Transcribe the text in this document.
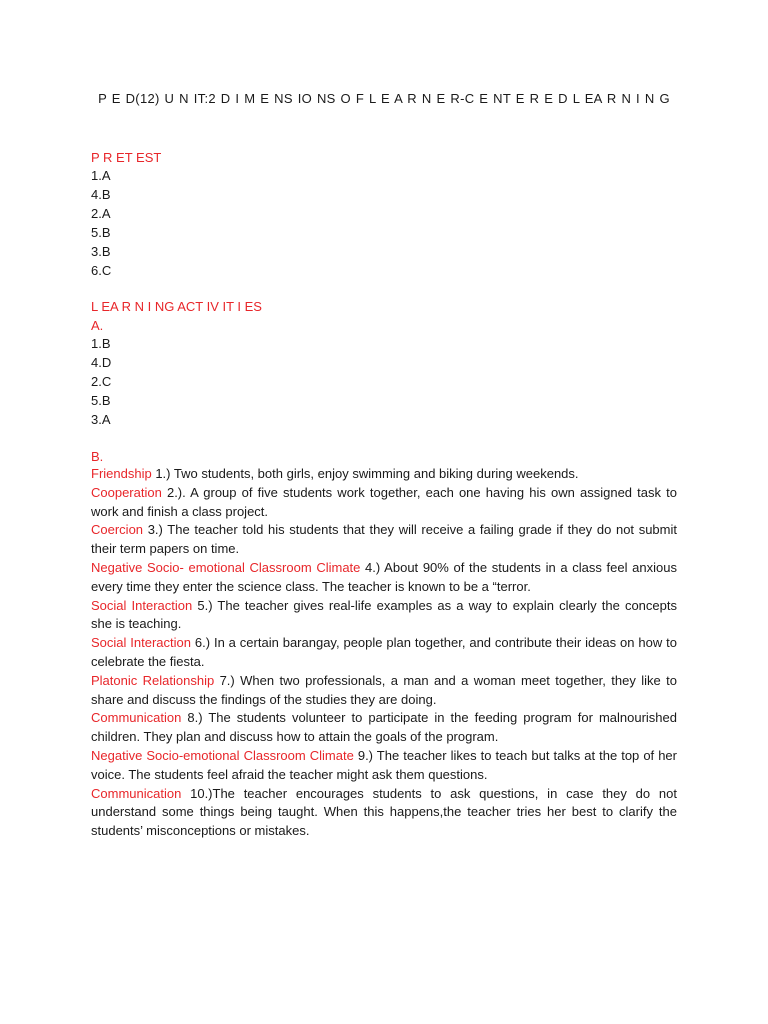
P E D(12) U N IT:2 D I M E NS IO NS O F L E A R N E R-C E NT E R E D L EA R N I N G
P R ET EST
1.A
4.B
2.A
5.B
3.B
6.C
L EA R N I NG ACT IV IT I ES
A.
1.B
4.D
2.C
5.B
3.A
B.
Friendship 1.) Two students, both girls, enjoy swimming and biking during weekends.
Cooperation 2.). A group of five students work together, each one having his own assigned task to work and finish a class project.
Coercion 3.) The teacher told his students that they will receive a failing grade if they do not submit their term papers on time.
Negative Socio- emotional Classroom Climate 4.) About 90% of the students in a class feel anxious every time they enter the science class. The teacher is known to be a “terror.
Social Interaction 5.) The teacher gives real-life examples as a way to explain clearly the concepts she is teaching.
Social Interaction 6.) In a certain barangay, people plan together, and contribute their ideas on how to celebrate the fiesta.
Platonic Relationship 7.) When two professionals, a man and a woman meet together, they like to share and discuss the findings of the studies they are doing.
Communication 8.) The students volunteer to participate in the feeding program for malnourished children. They plan and discuss how to attain the goals of the program.
Negative Socio-emotional Classroom Climate 9.) The teacher likes to teach but talks at the top of her voice. The students feel afraid the teacher might ask them questions.
Communication 10.)The teacher encourages students to ask questions, in case they do not understand some things being taught. When this happens,the teacher tries her best to clarify the students’ misconceptions or mistakes.
